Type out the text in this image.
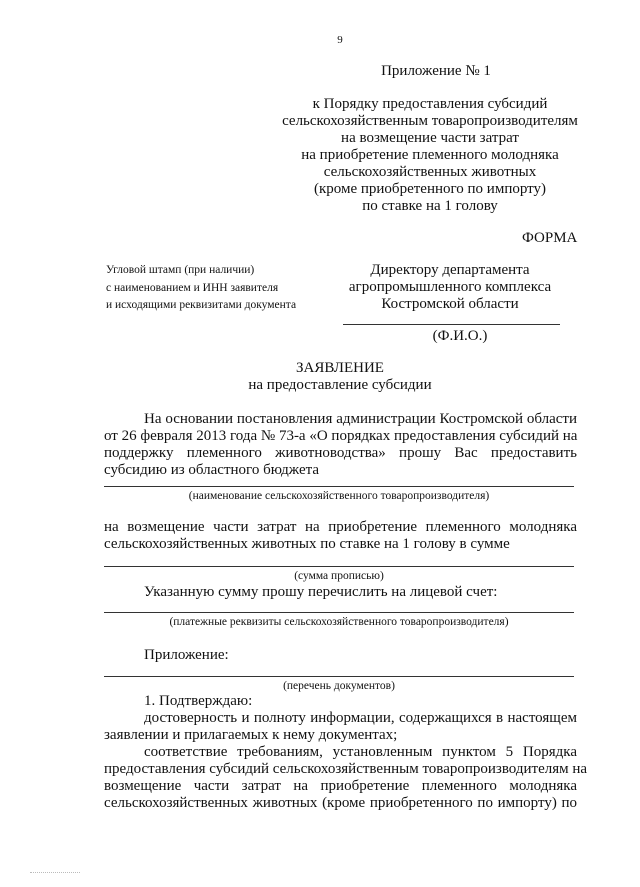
9
Приложение № 1
к Порядку предоставления субсидий
сельскохозяйственным товаропроизводителям
на возмещение части затрат
на приобретение племенного молодняка
сельскохозяйственных животных
(кроме приобретенного по импорту)
по ставке на 1 голову
ФОРМА
Угловой штамп (при наличии)
с наименованием и ИНН заявителя
и исходящими реквизитами документа
Директору департамента
агропромышленного комплекса
Костромской области
(Ф.И.О.)
ЗАЯВЛЕНИЕ
на предоставление субсидии
На основании постановления администрации Костромской области
от 26 февраля 2013 года № 73-а «О порядках предоставления субсидий на
поддержку племенного животноводства» прошу Вас предоставить
субсидию из областного бюджета
(наименование сельскохозяйственного товаропроизводителя)
на возмещение части затрат на приобретение племенного молодняка
сельскохозяйственных животных по ставке на 1 голову в сумме
(сумма прописью)
Указанную сумму прошу перечислить на лицевой счет:
(платежные реквизиты сельскохозяйственного товаропроизводителя)
Приложение:
(перечень документов)
1. Подтверждаю:
достоверность и полноту информации, содержащихся в настоящем
заявлении и прилагаемых к нему документах;
соответствие требованиям, установленным пунктом 5 Порядка
предоставления субсидий сельскохозяйственным товаропроизводителям на
возмещение части затрат на приобретение племенного молодняка
сельскохозяйственных животных (кроме приобретенного по импорту) по
